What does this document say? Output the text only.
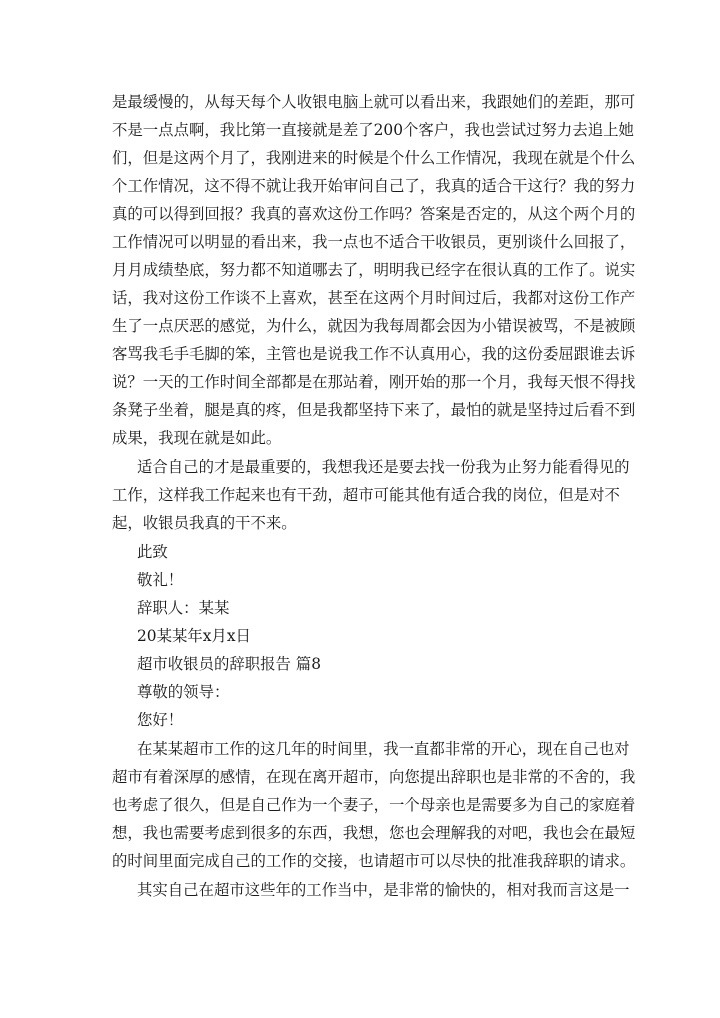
是最缓慢的，从每天每个人收银电脑上就可以看出来，我跟她们的差距，那可
不是一点点啊，我比第一直接就是差了200个客户，我也尝试过努力去追上她
们，但是这两个月了，我刚进来的时候是个什么工作情况，我现在就是个什么
个工作情况，这不得不就让我开始审问自己了，我真的适合干这行？我的努力
真的可以得到回报？我真的喜欢这份工作吗？答案是否定的，从这个两个月的
工作情况可以明显的看出来，我一点也不适合干收银员，更别谈什么回报了，
月月成绩垫底，努力都不知道哪去了，明明我已经字在很认真的工作了。说实
话，我对这份工作谈不上喜欢，甚至在这两个月时间过后，我都对这份工作产
生了一点厌恶的感觉，为什么，就因为我每周都会因为小错误被骂，不是被顾
客骂我毛手毛脚的笨，主管也是说我工作不认真用心，我的这份委屈跟谁去诉
说？一天的工作时间全部都是在那站着，刚开始的那一个月，我每天恨不得找
条凳子坐着，腿是真的疼，但是我都坚持下来了，最怕的就是坚持过后看不到
成果，我现在就是如此。
适合自己的才是最重要的，我想我还是要去找一份我为止努力能看得见的
工作，这样我工作起来也有干劲，超市可能其他有适合我的岗位，但是对不
起，收银员我真的干不来。
此致
敬礼！
辞职人：某某
20某某年x月x日
超市收银员的辞职报告 篇8
尊敬的领导：
您好！
在某某超市工作的这几年的时间里，我一直都非常的开心，现在自己也对
超市有着深厚的感情，在现在离开超市，向您提出辞职也是非常的不舍的，我
也考虑了很久，但是自己作为一个妻子，一个母亲也是需要多为自己的家庭着
想，我也需要考虑到很多的东西，我想，您也会理解我的对吧，我也会在最短
的时间里面完成自己的工作的交接，也请超市可以尽快的批准我辞职的请求。
其实自己在超市这些年的工作当中，是非常的愉快的，相对我而言这是一
